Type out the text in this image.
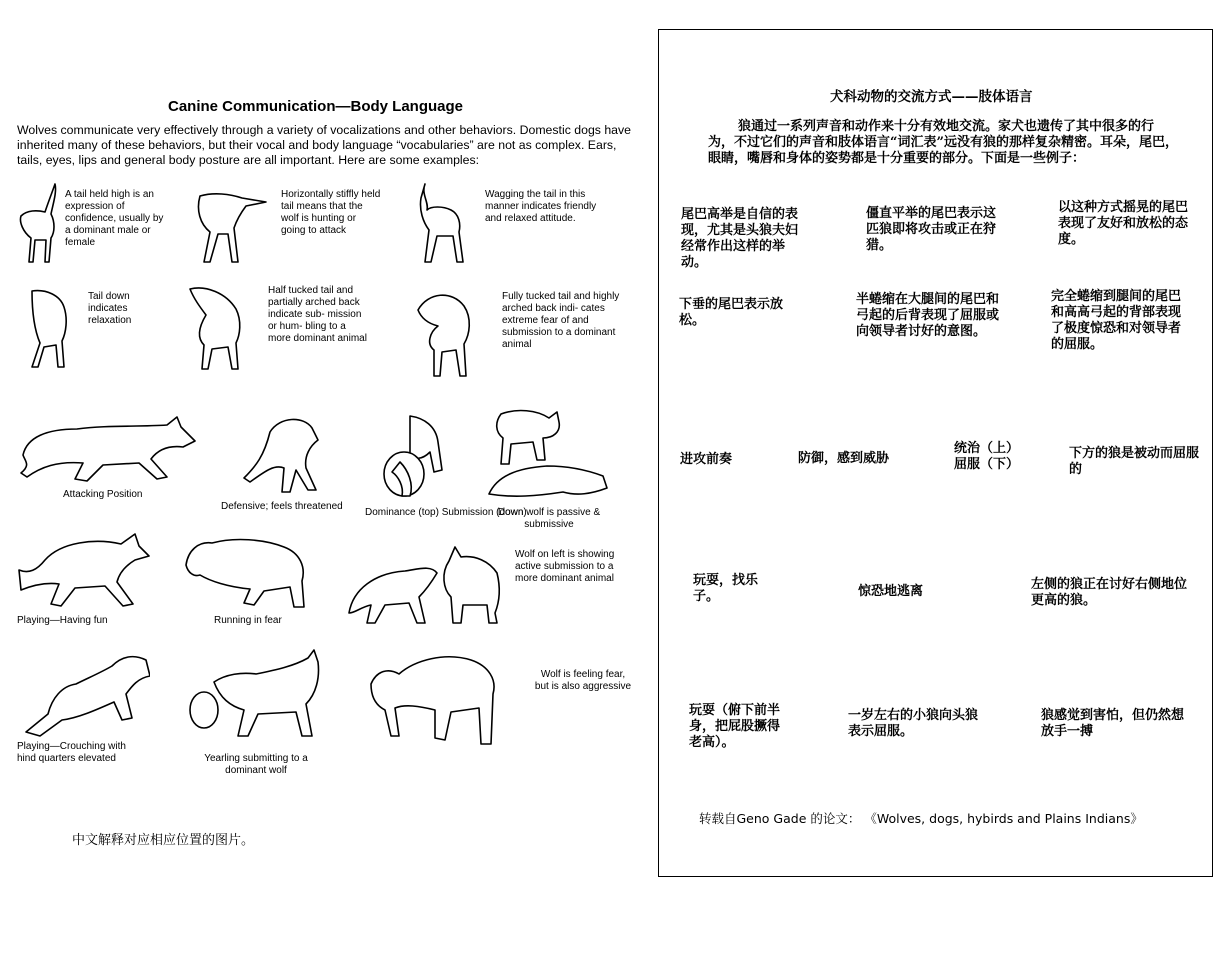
Canine Communication—Body Language
Wolves communicate very effectively through a variety of vocalizations and other behaviors. Domestic dogs have inherited many of these behaviors, but their vocal and body language “vocabularies” are not as complex. Ears, tails, eyes, lips and general body posture are all important. Here are some examples:
A tail held high is an expression of confidence, usually by a dominant male or female
Horizontally stiffly held tail means that the wolf is hunting or going to attack
Wagging the tail in this manner indicates friendly and relaxed attitude.
Tail down indicates relaxation
Half tucked tail and partially arched back indicate sub- mission or hum- bling to a more dominant animal
Fully tucked tail and highly arched back indi- cates extreme fear of and submission to a dominant animal
Attacking Position
Defensive; feels threatened
Dominance (top) Submission (down)
Down wolf is passive & submissive
Playing—Having fun	Running in fear
Wolf on left is showing active submission to a more dominant animal
Playing—Crouching with hind quarters elevated	Yearling submitting to a dominant wolf
Wolf is feeling fear, but is also aggressive
中文解释对应相应位置的图片。
犬科动物的交流方式——肢体语言
狼通过一系列声音和动作来十分有效地交流。家犬也遗传了其中很多的行为，不过它们的声音和肢体语言“词汇表”远没有狼的那样复杂精密。耳朵，尾巴，眼睛，嘴唇和身体的姿势都是十分重要的部分。下面是一些例子：
尾巴高举是自信的表现，尤其是头狼夫妇经常作出这样的举动。
僵直平举的尾巴表示这匹狼即将攻击或正在狩猎。
以这种方式摇晃的尾巴表现了友好和放松的态度。
下垂的尾巴表示放松。
半蜷缩在大腿间的尾巴和弓起的后背表现了屈服或向领导者讨好的意图。
完全蜷缩到腿间的尾巴和高高弓起的背部表现了极度惊恐和对领导者的屈服。
进攻前奏	防御，感到威胁
统治（上）
屈服（下）
下方的狼是被动而屈服的
玩耍，找乐子。	惊恐地逃离	左侧的狼正在讨好右侧地位更高的狼。
玩耍（俯下前半身，把屁股撅得老高）。
一岁左右的小狼向头狼表示屈服。
狼感觉到害怕，但仍然想放手一搏
转载自Geno Gade 的论文： 《Wolves, dogs, hybirds and Plains Indians》
